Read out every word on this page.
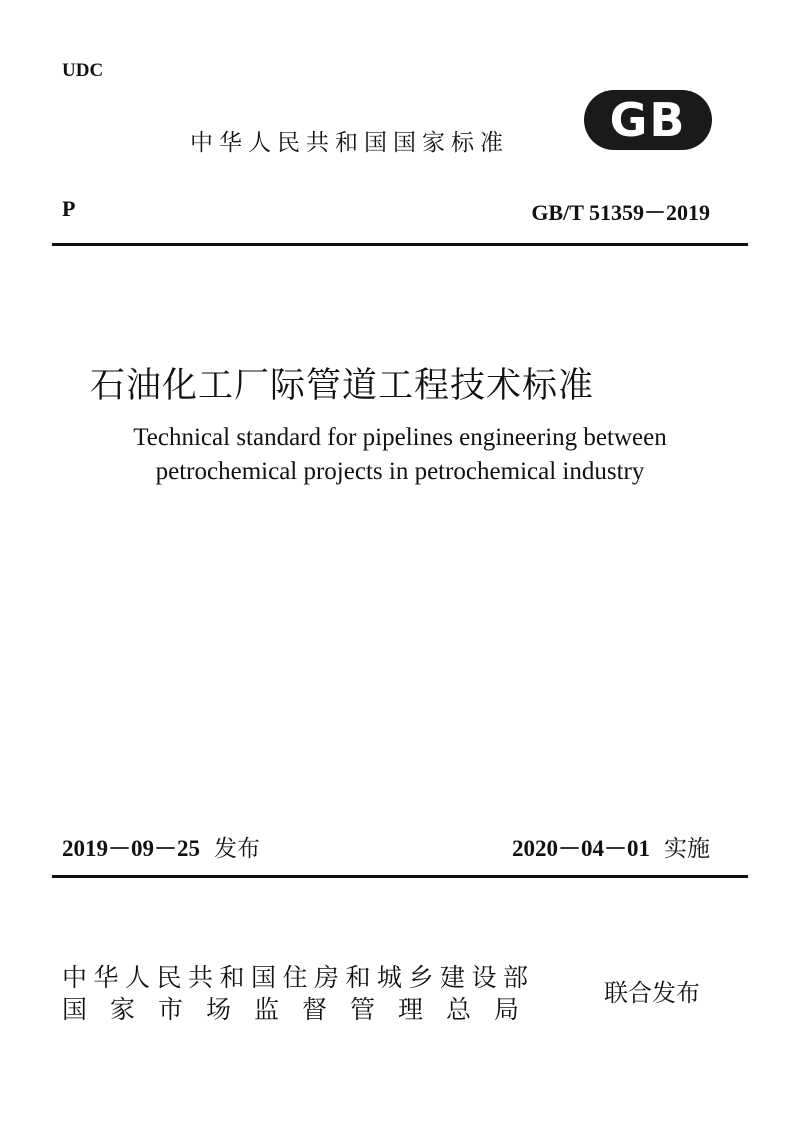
UDC
中华人民共和国国家标准 GB
P	GB/T 51359－2019
石油化工厂际管道工程技术标准
Technical standard for pipelines engineering between
petrochemical projects in petrochemical industry
2019－09－25 发布	2020－04－01 实施
中华人民共和国住房和城乡建设部
国家市场监督管理总局
联合发布
